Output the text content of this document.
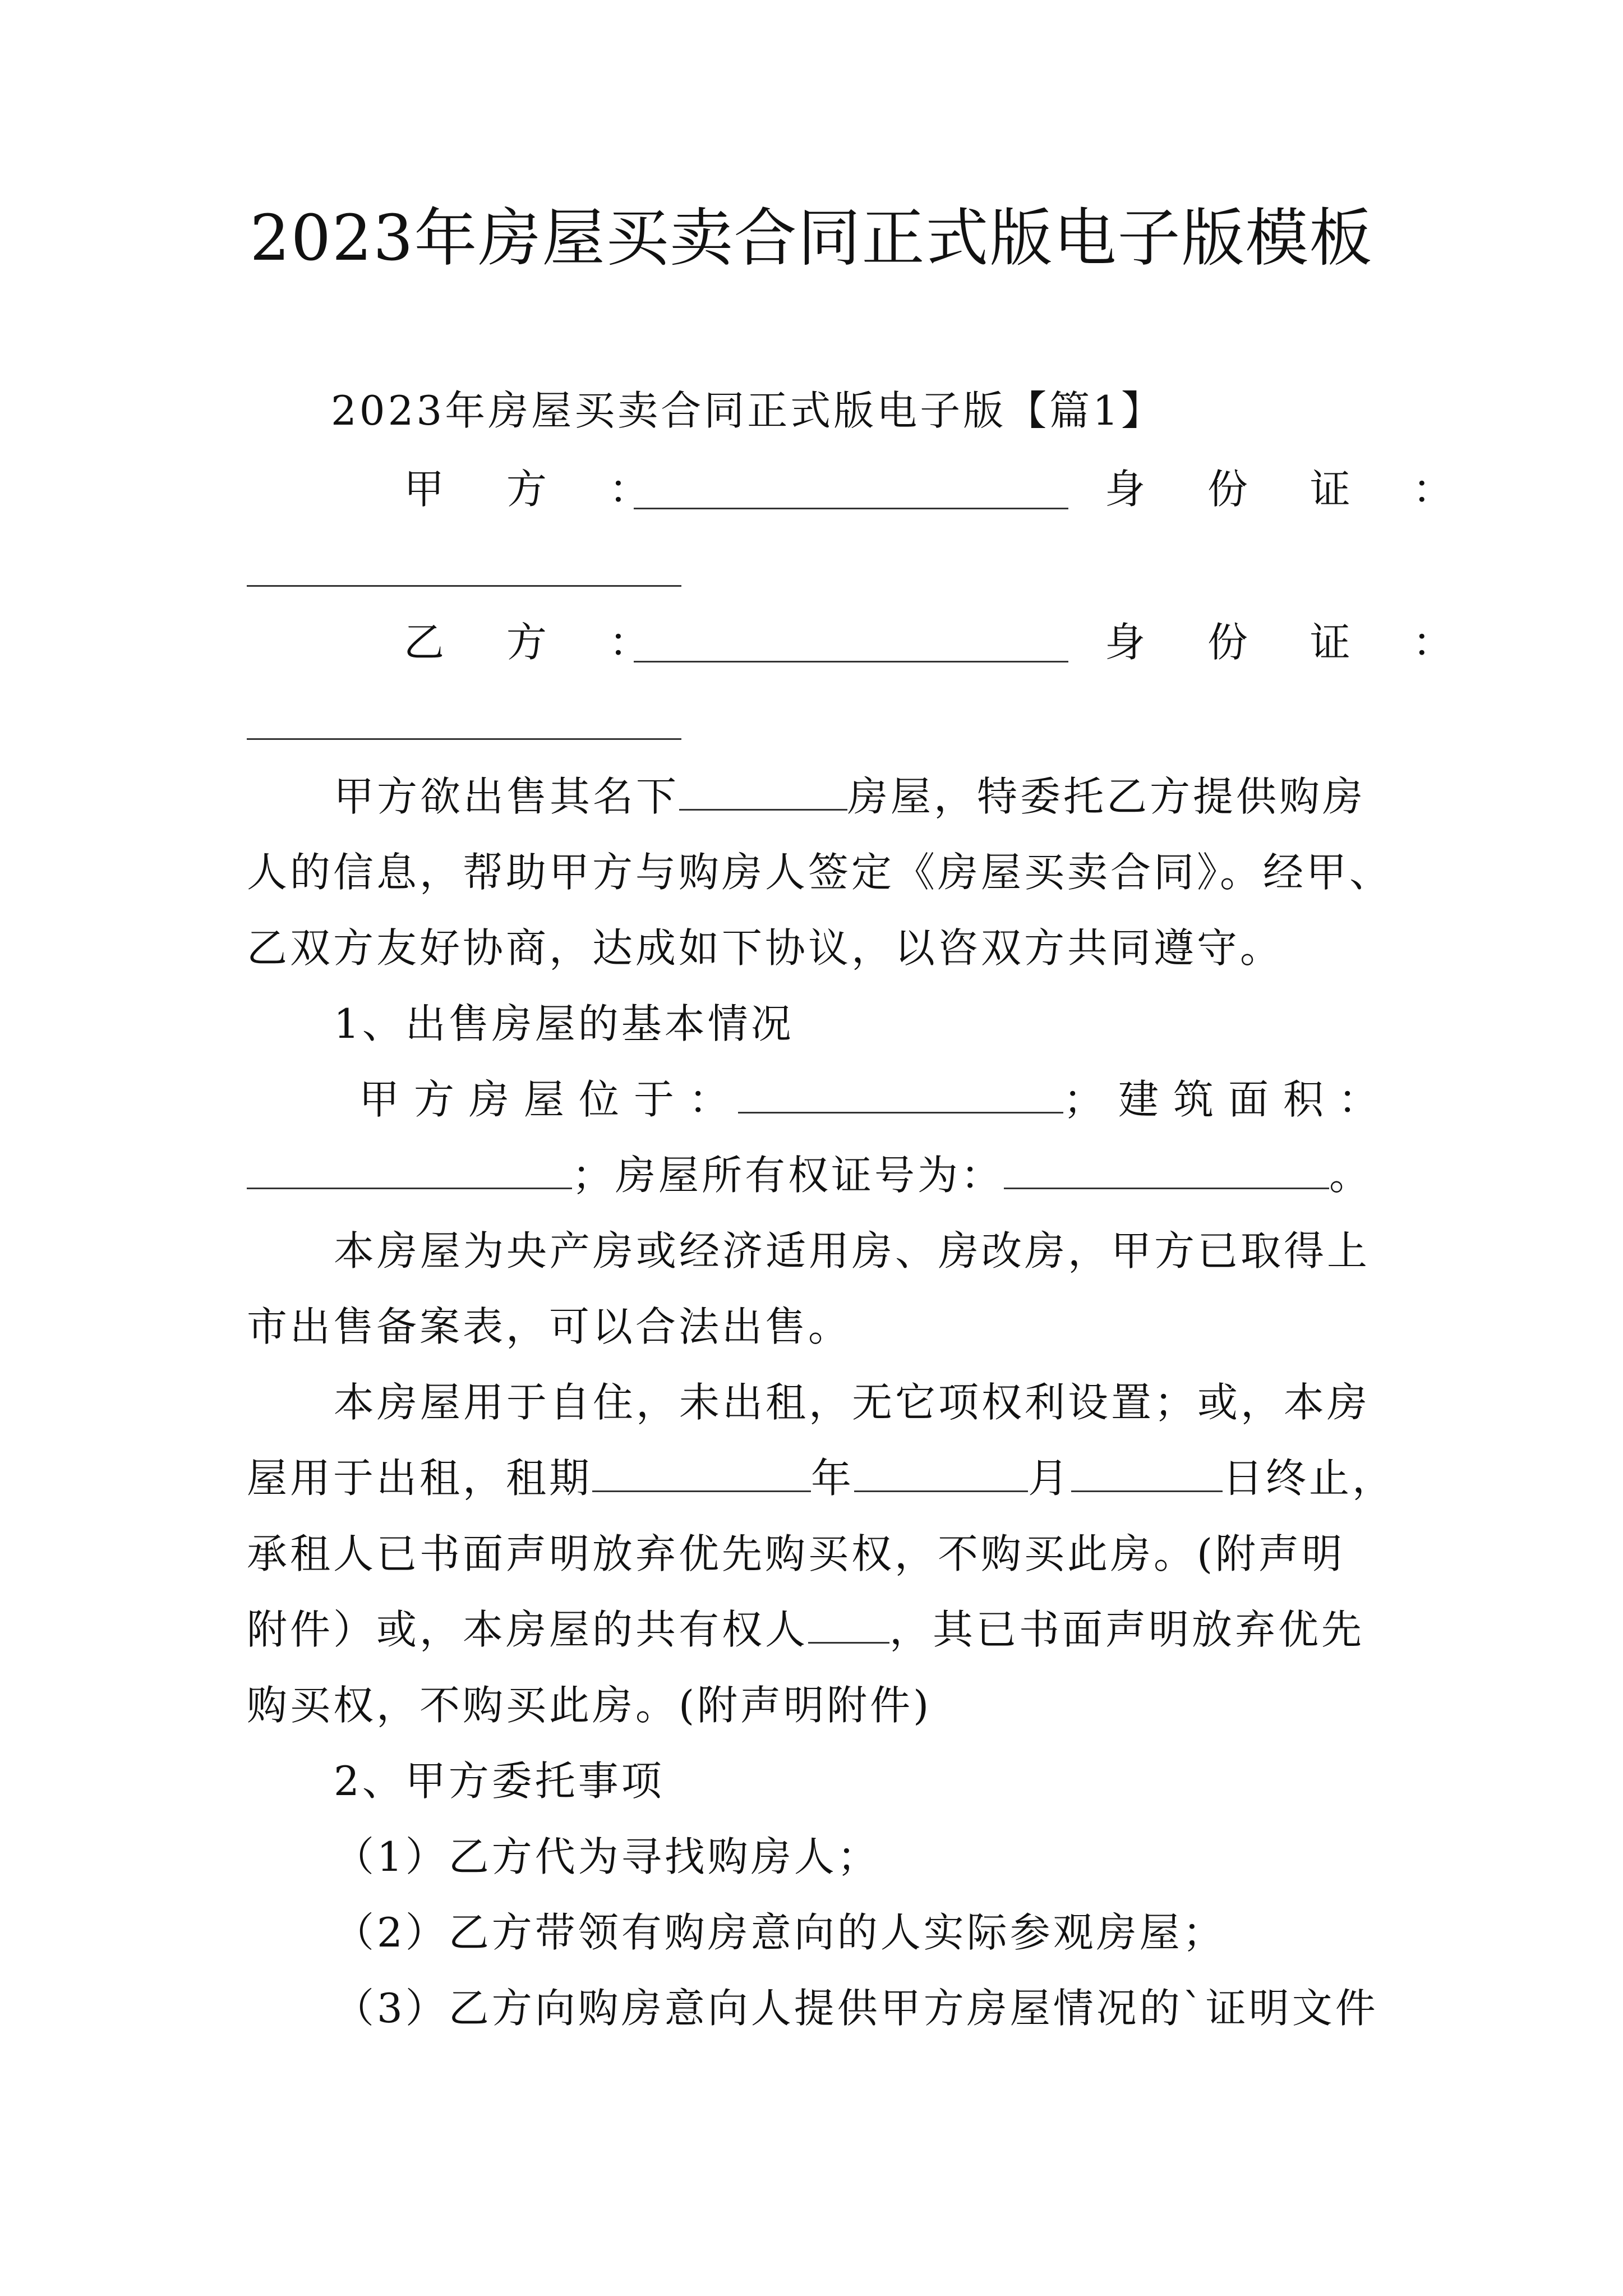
2023年房屋买卖合同正式版电子版模板
2023年房屋买卖合同正式版电子版【篇1】
甲 方 ：	身 份 证 ：
乙 方 ：	身 份 证 ：
甲方欲出售其名下	房屋，特委托乙方提供购房
人的信息，帮助甲方与购房人签定《房屋买卖合同》。经甲、
乙双方友好协商，达成如下协议，以咨双方共同遵守。
1、出售房屋的基本情况
甲方房屋位于：	；建筑面积：
；房屋所有权证号为：	。
本房屋为央产房或经济适用房、房改房，甲方已取得上
市出售备案表，可以合法出售。
本房屋用于自住，未出租，无它项权利设置；或，本房
屋用于出租，租期	年	月	日终止，
承租人已书面声明放弃优先购买权，不购买此房。(附声明
附件）或，本房屋的共有权人 ，其已书面声明放弃优先
购买权，不购买此房。(附声明附件)
2、甲方委托事项
（1）乙方代为寻找购房人；
（2）乙方带领有购房意向的人实际参观房屋；
（3）乙方向购房意向人提供甲方房屋情况的`证明文件
